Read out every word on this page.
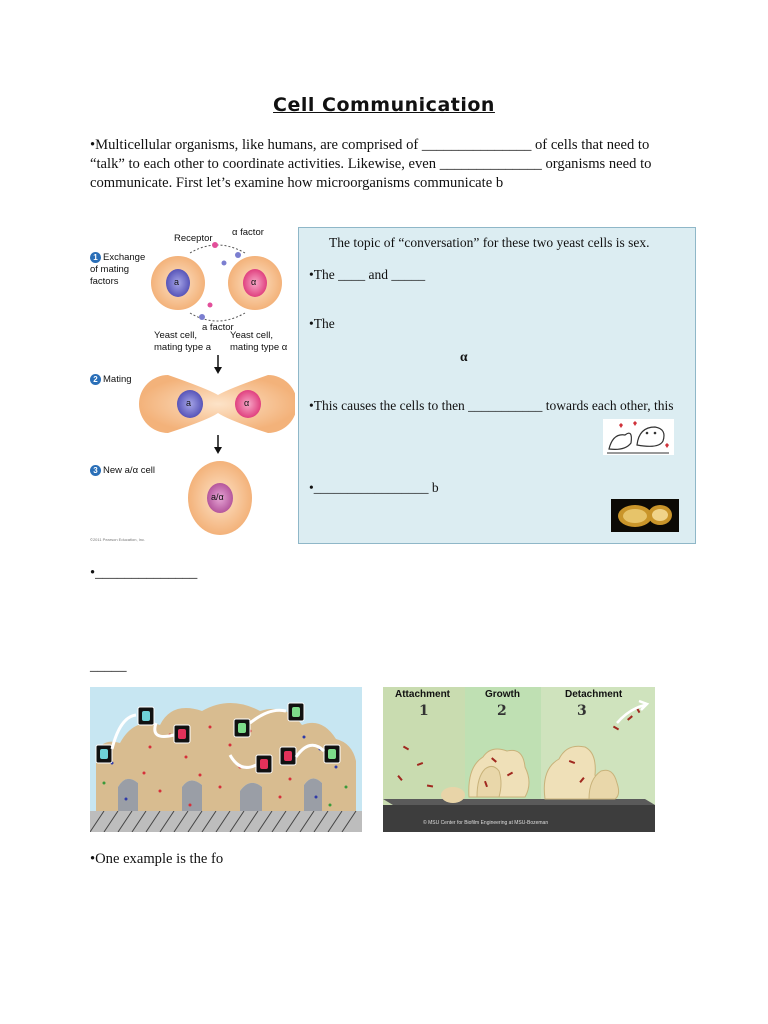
Cell Communication

•Multicellular organisms, like humans, are comprised of _______________ of cells that need to

“talk” to each other to coordinate activities. Likewise, even ______________ organisms need to

communicate. First let’s examine how microorganisms communicate b

Receptor
α factor
1 Exchange of mating factors
a factor
Yeast cell, mating type a
Yeast cell, mating type α
a	α
2 Mating
a	α
3 New a/α cell
a/α
©2011 Pearson Education, Inc.
The topic of “conversation” for these two yeast cells is sex.
•The ____ and _____
•The
α
•This causes the cells to then ___________ towards each other, this
•_________________ b
•______________
_____
Attachment	Growth	Detachment
1	2	3
© MSU Center for Biofilm Engineering at MSU-Bozeman
•One example is the fo
